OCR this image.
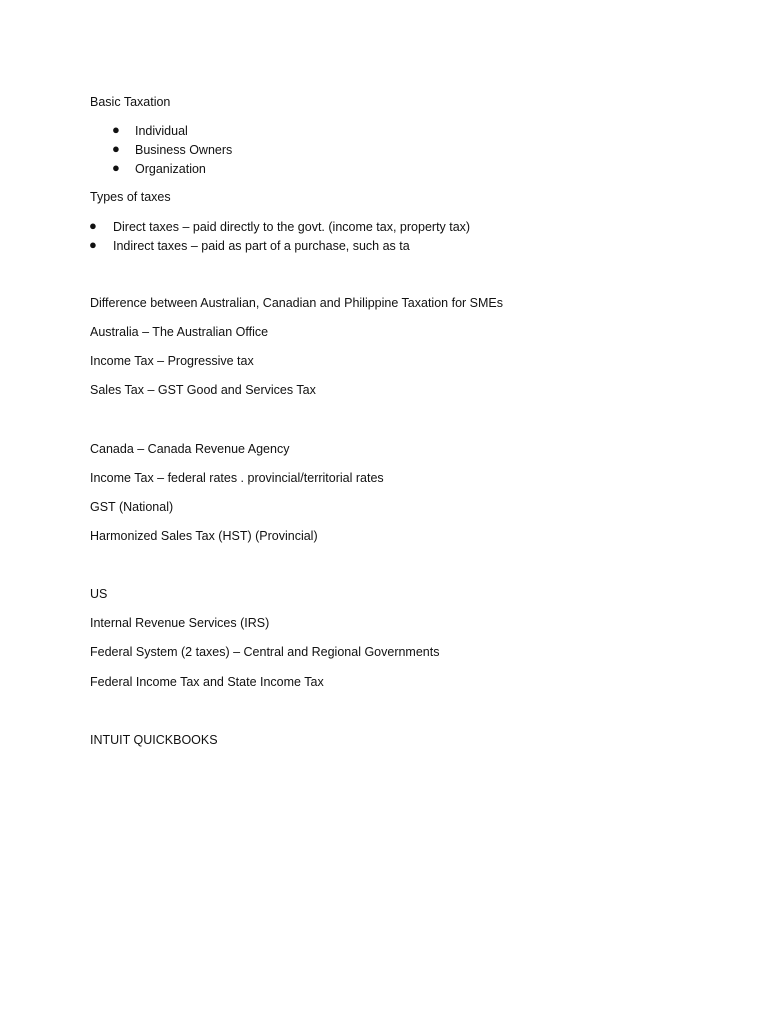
Basic Taxation
● Individual
● Business Owners
● Organization
Types of taxes
● Direct taxes – paid directly to the govt. (income tax, property tax)
● Indirect taxes – paid as part of a purchase, such as ta
Difference between Australian, Canadian and Philippine Taxation for SMEs
Australia – The Australian Office
Income Tax – Progressive tax
Sales Tax – GST Good and Services Tax
Canada – Canada Revenue Agency
Income Tax – federal rates . provincial/territorial rates
GST (National)
Harmonized Sales Tax (HST) (Provincial)
US
Internal Revenue Services (IRS)
Federal System (2 taxes) – Central and Regional Governments
Federal Income Tax and State Income Tax
INTUIT QUICKBOOKS
